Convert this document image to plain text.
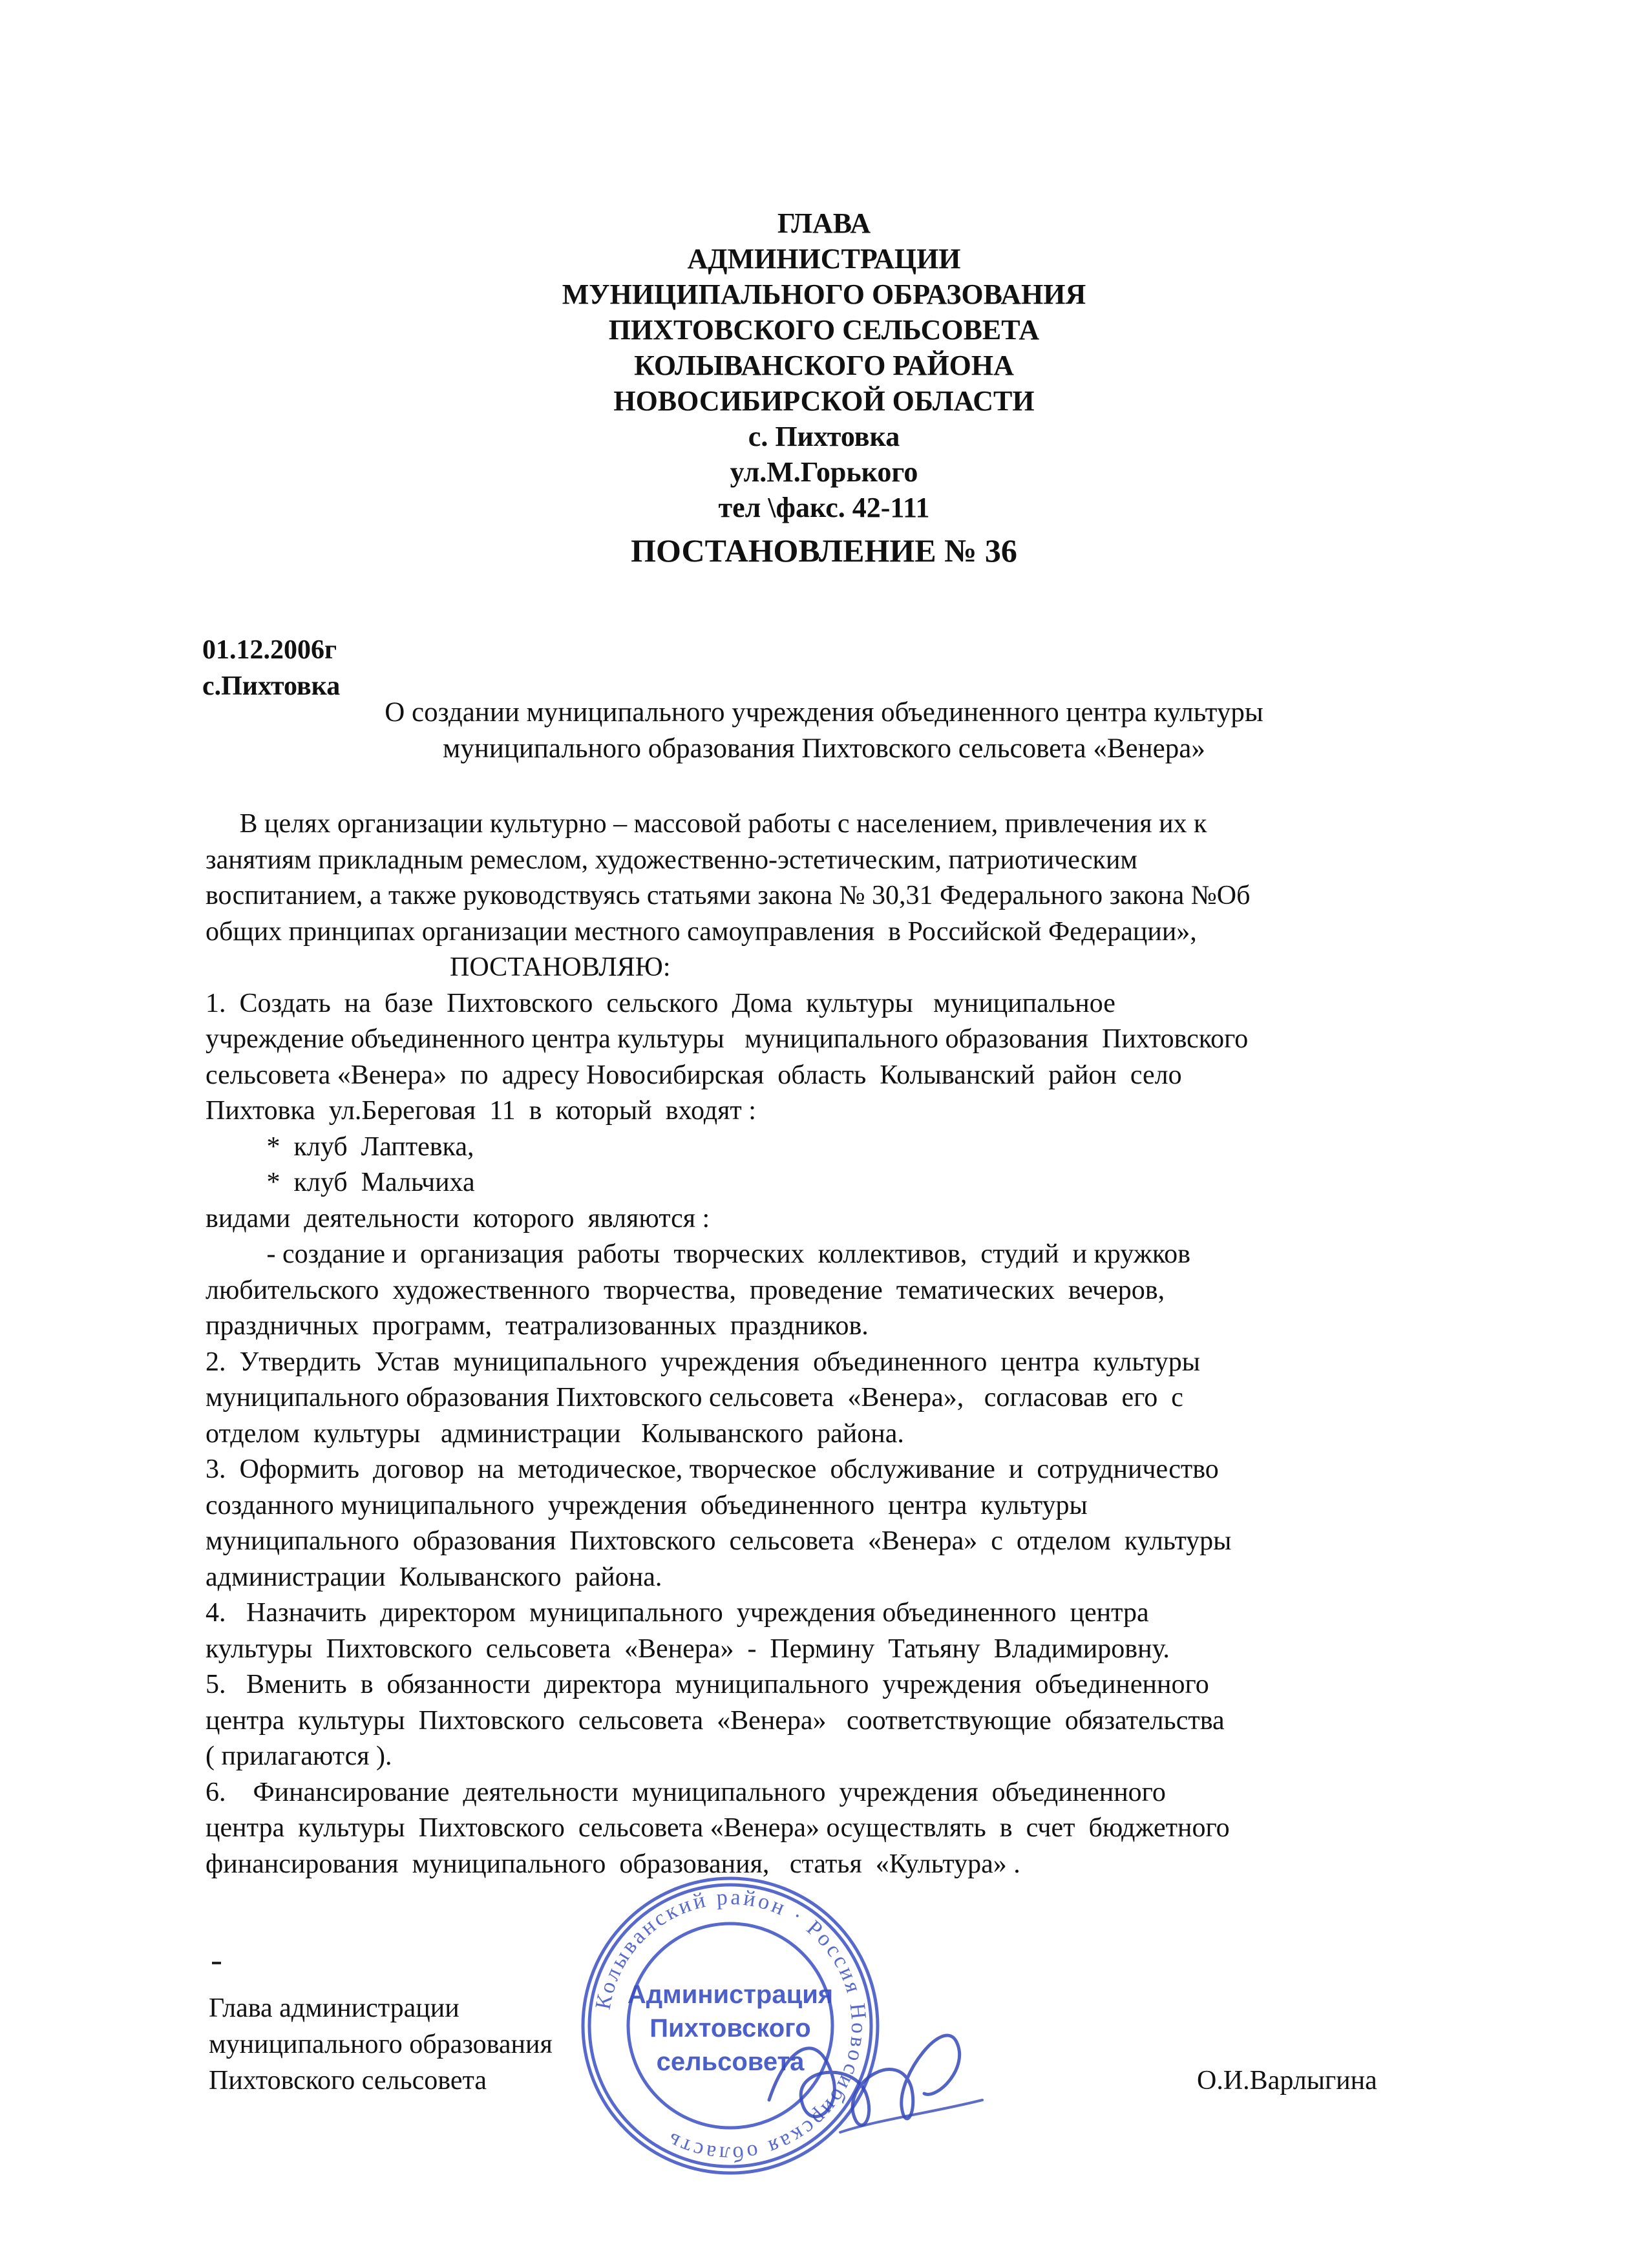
ГЛАВА
АДМИНИСТРАЦИИ
МУНИЦИПАЛЬНОГО ОБРАЗОВАНИЯ
ПИХТОВСКОГО СЕЛЬСОВЕТА
КОЛЫВАНСКОГО РАЙОНА
НОВОСИБИРСКОЙ ОБЛАСТИ
с. Пихтовка
ул.М.Горького
тел \факс. 42-111
ПОСТАНОВЛЕНИЕ № 36
01.12.2006г
с.Пихтовка
О создании муниципального учреждения объединенного центра культуры
муниципального образования Пихтовского сельсовета «Венера»
В целях организации культурно – массовой работы с населением, привлечения их к
занятиям прикладным ремеслом, художественно-эстетическим, патриотическим
воспитанием, а также руководствуясь статьями закона № 30,31 Федерального закона №Об
общих принципах организации местного самоуправления  в Российской Федерации»,
ПОСТАНОВЛЯЮ:
1.  Создать  на  базе  Пихтовского  сельского  Дома  культуры   муниципальное
учреждение объединенного центра культуры   муниципального образования  Пихтовского
сельсовета «Венера»  по  адресу Новосибирская  область  Колыванский  район  село
Пихтовка  ул.Береговая  11  в  который  входят :
*  клуб  Лаптевка,
*  клуб  Мальчиха
видами  деятельности  которого  являются :
- создание и  организация  работы  творческих  коллективов,  студий  и кружков
любительского  художественного  творчества,  проведение  тематических  вечеров,
праздничных  программ,  театрализованных  праздников.
2.  Утвердить  Устав  муниципального  учреждения  объединенного  центра  культуры
муниципального образования Пихтовского сельсовета  «Венера»,   согласовав  его  с
отделом  культуры   администрации   Колыванского  района.
3.  Оформить  договор  на  методическое, творческое  обслуживание  и  сотрудничество
созданного муниципального  учреждения  объединенного  центра  культуры
муниципального  образования  Пихтовского  сельсовета  «Венера»  с  отделом  культуры
администрации  Колыванского  района.
4.   Назначить  директором  муниципального  учреждения объединенного  центра
культуры  Пихтовского  сельсовета  «Венера»  -  Пермину  Татьяну  Владимировну.
5.   Вменить  в  обязанности  директора  муниципального  учреждения  объединенного
центра  культуры  Пихтовского  сельсовета  «Венера»   соответствующие  обязательства
( прилагаются ).
6.    Финансирование  деятельности  муниципального  учреждения  объединенного
центра  культуры  Пихтовского  сельсовета «Венера» осуществлять  в  счет  бюджетного
финансирования  муниципального  образования,   статья  «Культура» .
Глава администрации
муниципального образования
Пихтовского сельсовета	О.И.Варлыгина
Колыванский район · Россия Новосибирская область
Администрация
Пихтовского
сельсовета
